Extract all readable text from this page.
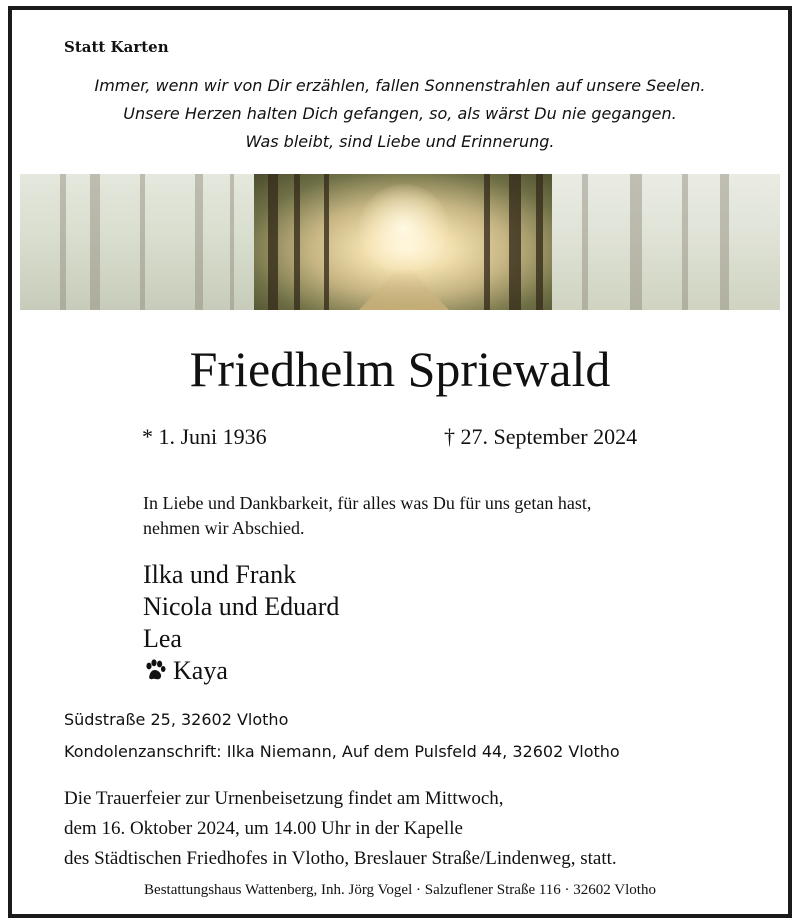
Statt Karten
Immer, wenn wir von Dir erzählen, fallen Sonnenstrahlen auf unsere Seelen.
Unsere Herzen halten Dich gefangen, so, als wärst Du nie gegangen.
Was bleibt, sind Liebe und Erinnerung.
Friedhelm Spriewald
* 1. Juni 1936	† 27. September 2024
In Liebe und Dankbarkeit, für alles was Du für uns getan hast,
nehmen wir Abschied.
Ilka und Frank
Nicola und Eduard
Lea
Kaya
Südstraße 25, 32602 Vlotho
Kondolenzanschrift: Ilka Niemann, Auf dem Pulsfeld 44, 32602 Vlotho
Die Trauerfeier zur Urnenbeisetzung findet am Mittwoch,
dem 16. Oktober 2024, um 14.00 Uhr in der Kapelle
des Städtischen Friedhofes in Vlotho, Breslauer Straße/Lindenweg, statt.
Bestattungshaus Wattenberg, Inh. Jörg Vogel · Salzuflener Straße 116 · 32602 Vlotho
